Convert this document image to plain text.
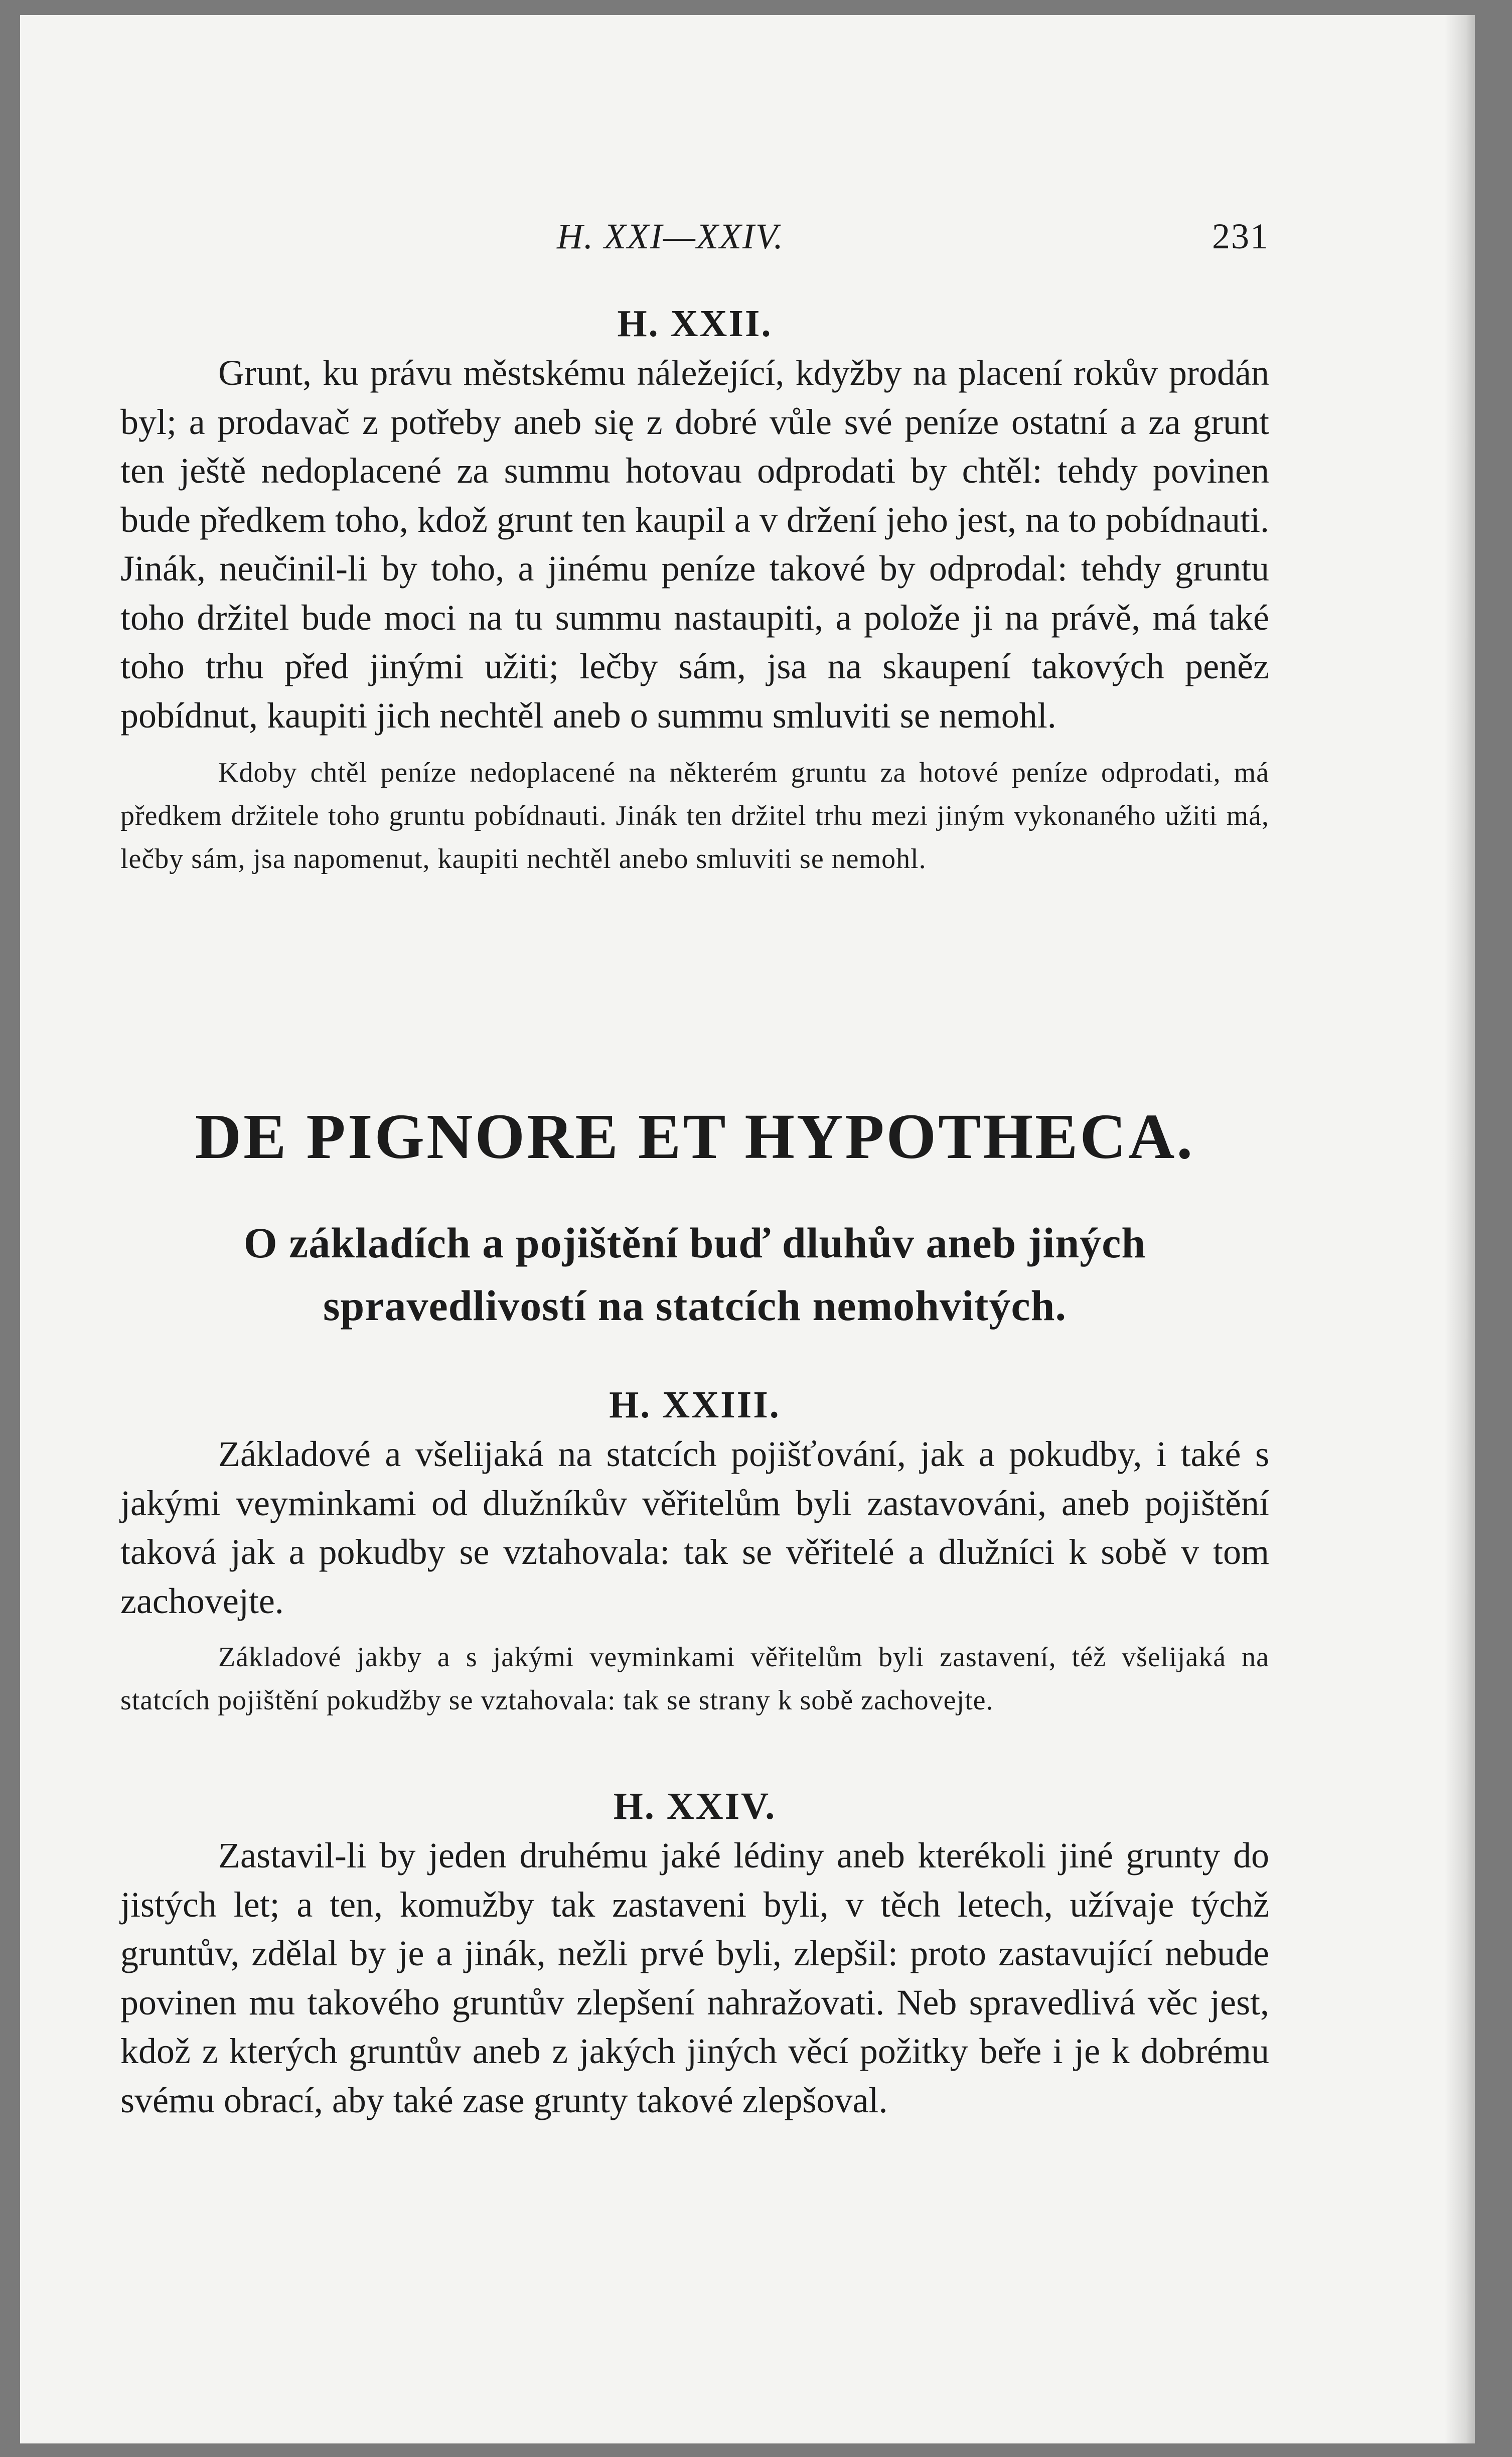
H. XXI—XXIV.	231
H. XXII.

Grunt, ku právu městskému náležející, kdyžby na placení rokův prodán byl; a prodavač z potřeby aneb się z dobré vůle své peníze ostatní a za grunt ten ještě nedoplacené za summu hotovau odprodati by chtěl: tehdy povinen bude předkem toho, kdož grunt ten kaupil a v držení jeho jest, na to pobídnauti. Jinák, neučinil-li by toho, a jinému peníze takové by odprodal: tehdy gruntu toho držitel bude moci na tu summu nastaupiti, a polože ji na právě, má také toho trhu před jinými užiti; lečby sám, jsa na skaupení takových peněz pobídnut, kaupiti jich nechtěl aneb o summu smluviti se nemohl.

Kdoby chtěl peníze nedoplacené na některém gruntu za hotové peníze odprodati, má předkem držitele toho gruntu pobídnauti. Jinák ten držitel trhu mezi jiným vykonaného užiti má, lečby sám, jsa napomenut, kaupiti nechtěl anebo smluviti se nemohl.

DE PIGNORE ET HYPOTHECA.
O základích a pojištění buď dluhův aneb jiných spravedlivostí na statcích nemohvitých.
H. XXIII.

Základové a všelijaká na statcích pojišťování, jak a pokudby, i také s jakými veyminkami od dlužníkův věřitelům byli zastavováni, aneb pojištění taková jak a pokudby se vztahovala: tak se věřitelé a dlužníci k sobě v tom zachovejte.

Základové jakby a s jakými veyminkami věřitelům byli zastavení, též všelijaká na statcích pojištění pokudžby se vztahovala: tak se strany k sobě zachovejte.

H. XXIV.

Zastavil-li by jeden druhému jaké lédiny aneb kterékoli jiné grunty do jistých let; a ten, komužby tak zastaveni byli, v těch letech, užívaje týchž gruntův, zdělal by je a jinák, nežli prvé byli, zlepšil: proto zastavující nebude povinen mu takového gruntův zlepšení nahražovati. Neb spravedlivá věc jest, kdož z kterých gruntův aneb z jakých jiných věcí požitky beře i je k dobrému svému obrací, aby také zase grunty takové zlepšoval.
